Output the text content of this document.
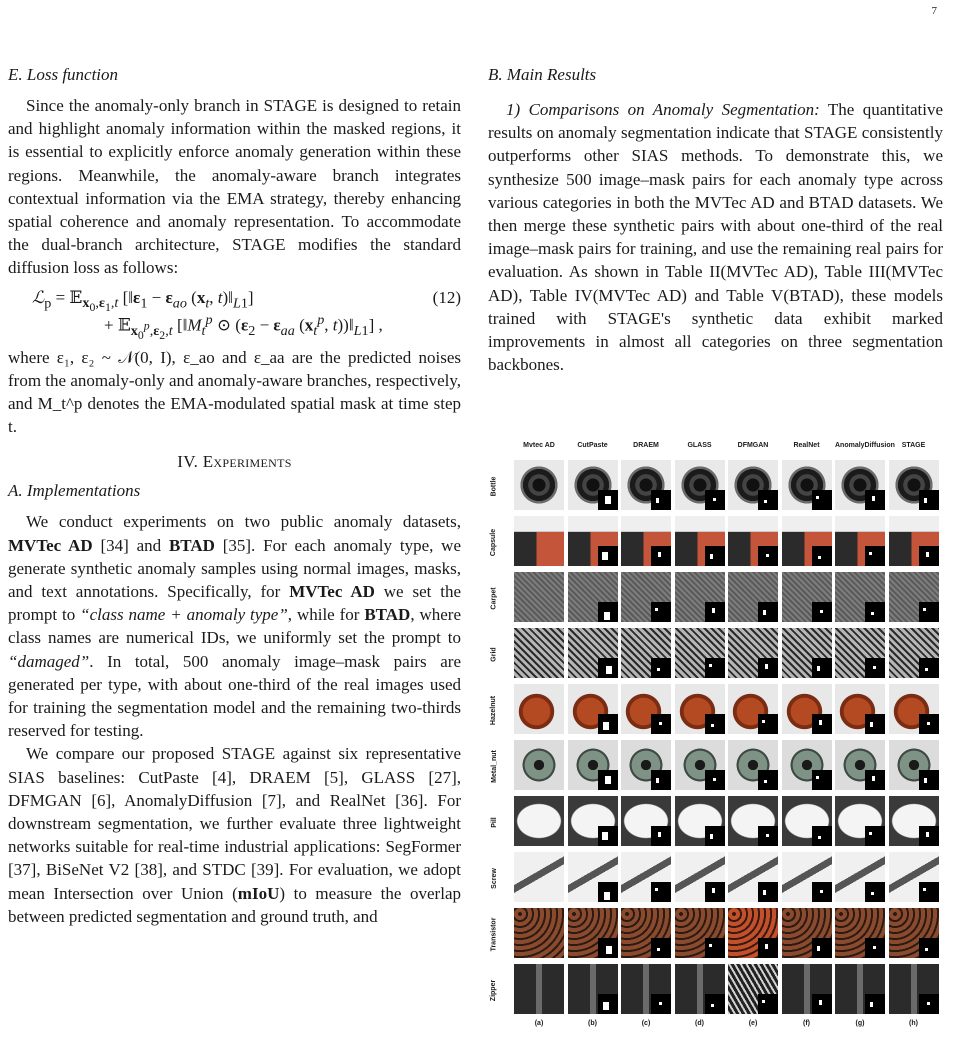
7
E. Loss function

Since the anomaly-only branch in STAGE is designed to retain and highlight anomaly information within the masked regions, it is essential to explicitly enforce anomaly generation within these regions. Meanwhile, the anomaly-aware branch integrates contextual information via the EMA strategy, thereby enhancing spatial coherence and anomaly representation. To accommodate the dual-branch architecture, STAGE modifies the standard diffusion loss as follows:

ℒ$_p$ = 𝔼$_{x_0,\varepsilon_1,t}$ [$‖\varepsilon_1 - \varepsilon_{ao}$ ($x_t$, $t)‖_{L1}$]
+ 𝔼$_{x_0^p,\varepsilon_2,t}$ [$‖M_t^p$ ⊙ ($\varepsilon_2 - \varepsilon_{aa}$ ($x_t^p$, $t))‖_{L1}$] ,
(12)

where ε₁, ε₂ ~ 𝒩(0, I), ε_ao and ε_aa are the predicted noises from the anomaly-only and anomaly-aware branches, respectively, and M_t^p denotes the EMA-modulated spatial mask at time step t.

IV. Experiments
A. Implementations

We conduct experiments on two public anomaly datasets, MVTec AD [34] and BTAD [35]. For each anomaly type, we generate synthetic anomaly samples using normal images, masks, and text annotations. Specifically, for MVTec AD we set the prompt to “class name + anomaly type”, while for BTAD, where class names are numerical IDs, we uniformly set the prompt to “damaged”. In total, 500 anomaly image–mask pairs are generated per type, with about one-third of the real images used for training the segmentation model and the remaining two-thirds reserved for testing.

We compare our proposed STAGE against six representative SIAS baselines: CutPaste [4], DRAEM [5], GLASS [27], DFMGAN [6], AnomalyDiffusion [7], and RealNet [36]. For downstream segmentation, we further evaluate three lightweight networks suitable for real-time industrial applications: SegFormer [37], BiSeNet V2 [38], and STDC [39]. For evaluation, we adopt mean Intersection over Union (mIoU) to measure the overlap between predicted segmentation and ground truth, and

B. Main Results

1) Comparisons on Anomaly Segmentation: The quantitative results on anomaly segmentation indicate that STAGE consistently outperforms other SIAS methods. To demonstrate this, we synthesize 500 image–mask pairs for each anomaly type across various categories in both the MVTec AD and BTAD datasets. We then merge these synthetic pairs with about one-third of the real image–mask pairs for training, and use the remaining real pairs for evaluation. As shown in Table II(MVTec AD), Table III(MVTec AD), Table IV(MVTec AD) and Table V(BTAD), these models trained with STAGE's synthetic data exhibit marked improvements in almost all categories on three segmentation backbones.

Mvtec AD	CutPaste	DRAEM	GLASS	DFMGAN	RealNet	AnomalyDiffusion STAGE
Bottle
Capsule
Carpet
Grid
Hazelnut
Metal_nut
Pill
Screw
Transistor
Zipper
(a)	(b)	(c)	(d)	(e)	(f)	(g)	(h)
